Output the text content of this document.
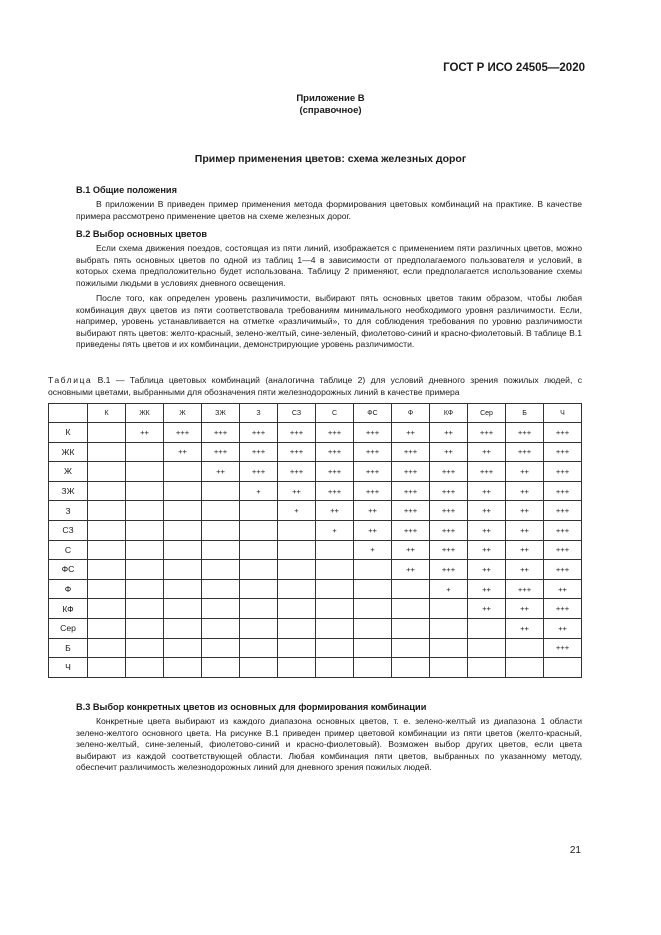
ГОСТ Р ИСО 24505—2020
Приложение В
(справочное)
Пример применения цветов: схема железных дорог
В.1 Общие положения

В приложении В приведен пример применения метода формирования цветовых комбинаций на практике. В качестве примера рассмотрено применение цветов на схеме железных дорог.

В.2 Выбор основных цветов

Если схема движения поездов, состоящая из пяти линий, изображается с применением пяти различных цветов, можно выбрать пять основных цветов по одной из таблиц 1—4 в зависимости от предполагаемого пользователя и условий, в которых схема предположительно будет использована. Таблицу 2 применяют, если предполагается использование схемы пожилыми людьми в условиях дневного освещения.

После того, как определен уровень различимости, выбирают пять основных цветов таким образом, чтобы любая комбинация двух цветов из пяти соответствовала требованиям минимального необходимого уровня различимости. Если, например, уровень устанавливается на отметке «различимый», то для соблюдения требования по уровню различимости выбирают пять цветов: желто-красный, зелено-желтый, сине-зеленый, фиолетово-синий и красно-фиолетовый. В таблице В.1 приведены пять цветов и их комбинации, демонстрирующие уровень различимости.

Таблица В.1 — Таблица цветовых комбинаций (аналогична таблице 2) для условий дневного зрения пожилых людей, с основными цветами, выбранными для обозначения пяти железнодорожных линий в качестве примера

	К	ЖК	Ж	ЗЖ	З	СЗ	С	ФС	Ф	КФ	Сер	Б	Ч
К		++	+++	+++	+++	+++	+++	+++	++	++	+++	+++	+++
ЖК			++	+++	+++	+++	+++	+++	+++	++	++	+++	+++
Ж				++	+++	+++	+++	+++	+++	+++	+++	++	+++
ЗЖ					+	++	+++	+++	+++	+++	++	++	+++
З						+	++	++	+++	+++	++	++	+++
СЗ							+	++	+++	+++	++	++	+++
С								+	++	+++	++	++	+++
ФС									++	+++	++	++	+++
Ф										+	++	+++	++
КФ											++	++	+++
Сер												++	++
Б													+++
Ч													
В.3 Выбор конкретных цветов из основных для формирования комбинации

Конкретные цвета выбирают из каждого диапазона основных цветов, т. е. зелено-желтый из диапазона 1 области зелено-желтого основного цвета. На рисунке В.1 приведен пример цветовой комбинации из пяти цветов (желто-красный, зелено-желтый, сине-зеленый, фиолетово-синий и красно-фиолетовый). Возможен выбор других цветов, если цвета выбирают из каждой соответствующей области. Любая комбинация пяти цветов, выбранных по указанному методу, обеспечит различимость железнодорожных линий для дневного зрения пожилых людей.

21
